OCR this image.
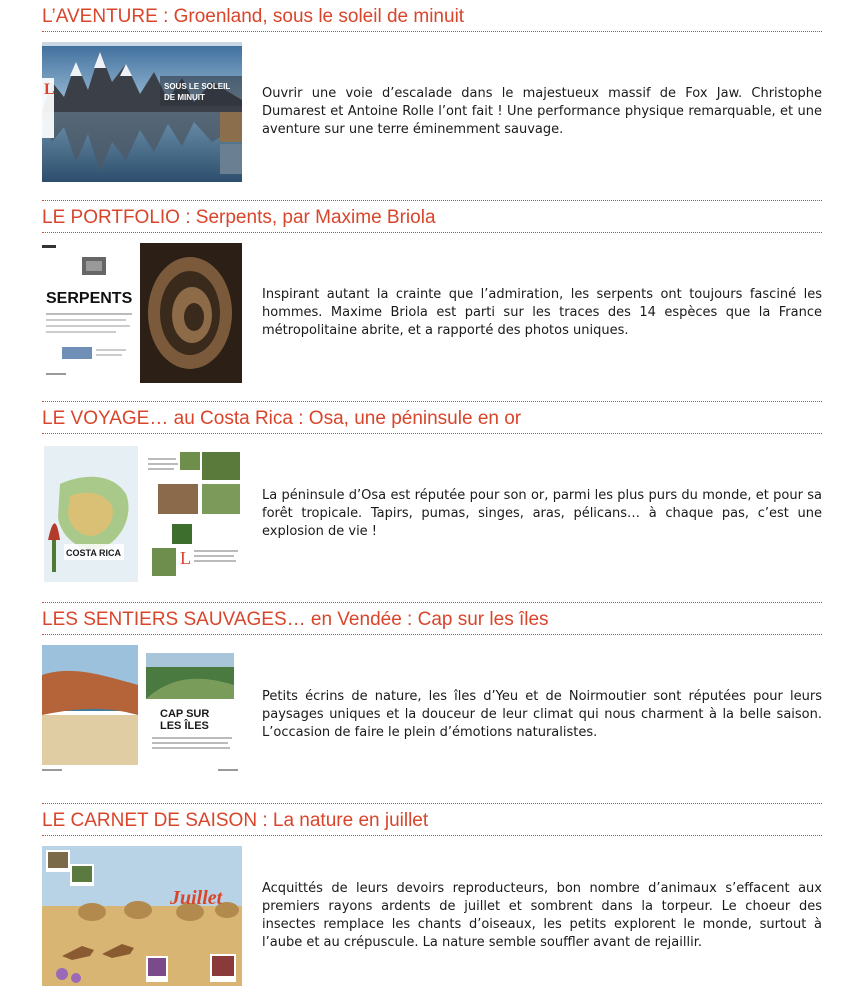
L’AVENTURE : Groenland, sous le soleil de minuit
L	SOUS LE SOLEIL
DE MINUIT	Ouvrir une voie d’escalade dans le majestueux massif de Fox Jaw. Christophe Dumarest et Antoine Rolle l’ont fait ! Une performance physique remarquable, et une aventure sur une terre éminemment sauvage.
LE PORTFOLIO : Serpents, par Maxime Briola
SERPENTS	Inspirant autant la crainte que l’admiration, les serpents ont toujours fasciné les hommes. Maxime Briola est parti sur les traces des 14 espèces que la France métropolitaine abrite, et a rapporté des photos uniques.
LE VOYAGE… au Costa Rica : Osa, une péninsule en or
COSTA RICA	L
La péninsule d’Osa est réputée pour son or, parmi les plus purs du monde, et pour sa forêt tropicale. Tapirs, pumas, singes, aras, pélicans… à chaque pas, c’est une explosion de vie !
LES SENTIERS SAUVAGES… en Vendée : Cap sur les îles
CAP SUR
LES ÎLES
Petits écrins de nature, les îles d’Yeu et de Noirmoutier sont réputées pour leurs paysages uniques et la douceur de leur climat qui nous charment à la belle saison. L’occasion de faire le plein d’émotions naturalistes.
LE CARNET DE SAISON : La nature en juillet
Juillet	Acquittés de leurs devoirs reproducteurs, bon nombre d’animaux s’effacent aux premiers rayons ardents de juillet et sombrent dans la torpeur. Le choeur des insectes remplace les chants d’oiseaux, les petits explorent le monde, surtout à l’aube et au crépuscule. La nature semble souffler avant de rejaillir.
